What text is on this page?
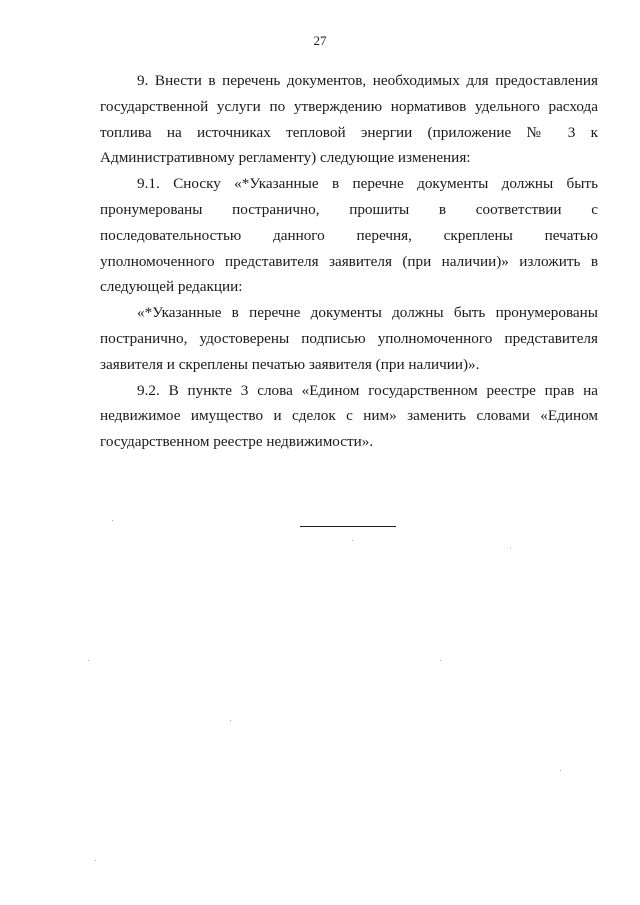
27

9. Внести в перечень документов, необходимых для предоставления государственной услуги по утверждению нормативов удельного расхода топлива на источниках тепловой энергии (приложение № 3 к Административному регламенту) следующие изменения:

9.1. Сноску «*Указанные в перечне документы должны быть пронумерованы постранично, прошиты в соответствии с последовательностью данного перечня, скреплены печатью уполномоченного представителя заявителя (при наличии)» изложить в следующей редакции:

«*Указанные в перечне документы должны быть пронумерованы постранично, удостоверены подписью уполномоченного представителя заявителя и скреплены печатью заявителя (при наличии)».

9.2. В пункте 3 слова «Едином государственном реестре прав на недвижимое имущество и сделок с ним» заменить словами «Едином государственном реестре недвижимости».
